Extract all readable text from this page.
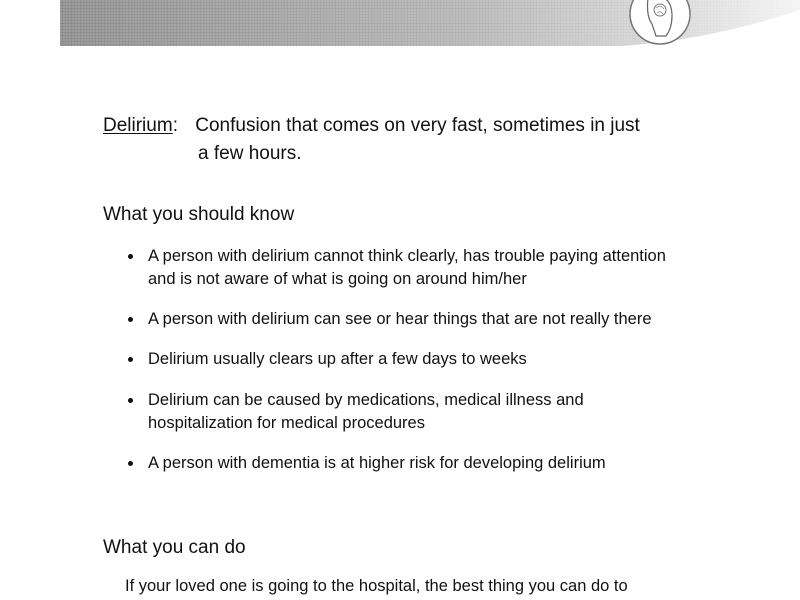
Delirium: Confusion that comes on very fast, sometimes in just
a few hours.
What you should know
A person with delirium cannot think clearly, has trouble paying attention and is not aware of what is going on around him/her
A person with delirium can see or hear things that are not really there
Delirium usually clears up after a few days to weeks
Delirium can be caused by medications, medical illness and hospitalization for medical procedures
A person with dementia is at higher risk for developing delirium
What you can do
If your loved one is going to the hospital, the best thing you can do to
